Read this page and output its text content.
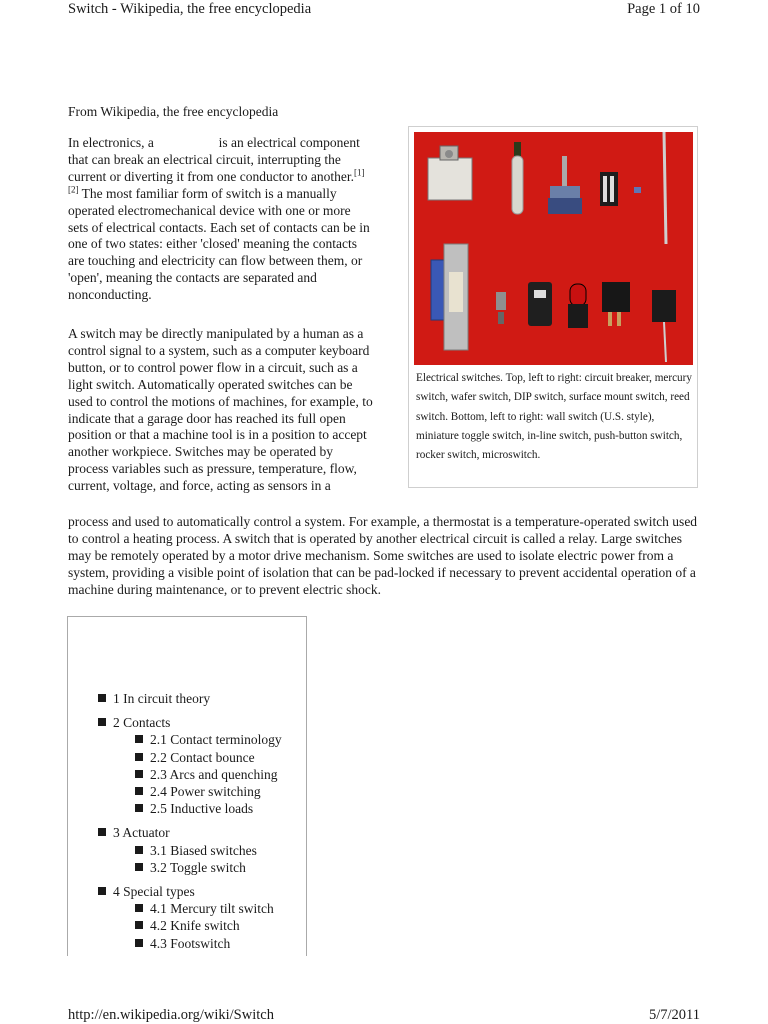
Switch - Wikipedia, the free encyclopedia	Page 1 of 10
From Wikipedia, the free encyclopedia

In electronics, a	is an electrical component that can break an electrical circuit, interrupting the current or diverting it from one conductor to another.[1][2] The most familiar form of switch is a manually operated electromechanical device with one or more sets of electrical contacts. Each set of contacts can be in one of two states: either 'closed' meaning the contacts are touching and electricity can flow between them, or 'open', meaning the contacts are separated and nonconducting.

Electrical switches. Top, left to right: circuit breaker, mercury switch, wafer switch, DIP switch, surface mount switch, reed switch. Bottom, left to right: wall switch (U.S. style), miniature toggle switch, in-line switch, push-button switch, rocker switch, microswitch.

A switch may be directly manipulated by a human as a control signal to a system, such as a computer keyboard button, or to control power flow in a circuit, such as a light switch. Automatically operated switches can be used to control the motions of machines, for example, to indicate that a garage door has reached its full open position or that a machine tool is in a position to accept another workpiece. Switches may be operated by process variables such as pressure, temperature, flow, current, voltage, and force, acting as sensors in a

process and used to automatically control a system. For example, a thermostat is a temperature-operated switch used to control a heating process. A switch that is operated by another electrical circuit is called a relay. Large switches may be remotely operated by a motor drive mechanism. Some switches are used to isolate electric power from a system, providing a visible point of isolation that can be pad-locked if necessary to prevent accidental operation of a machine during maintenance, or to prevent electric shock.

1 In circuit theory
2 Contacts
2.1 Contact terminology
2.2 Contact bounce
2.3 Arcs and quenching
2.4 Power switching
2.5 Inductive loads
3 Actuator
3.1 Biased switches
3.2 Toggle switch
4 Special types
4.1 Mercury tilt switch
4.2 Knife switch
4.3 Footswitch
http://en.wikipedia.org/wiki/Switch	5/7/2011
